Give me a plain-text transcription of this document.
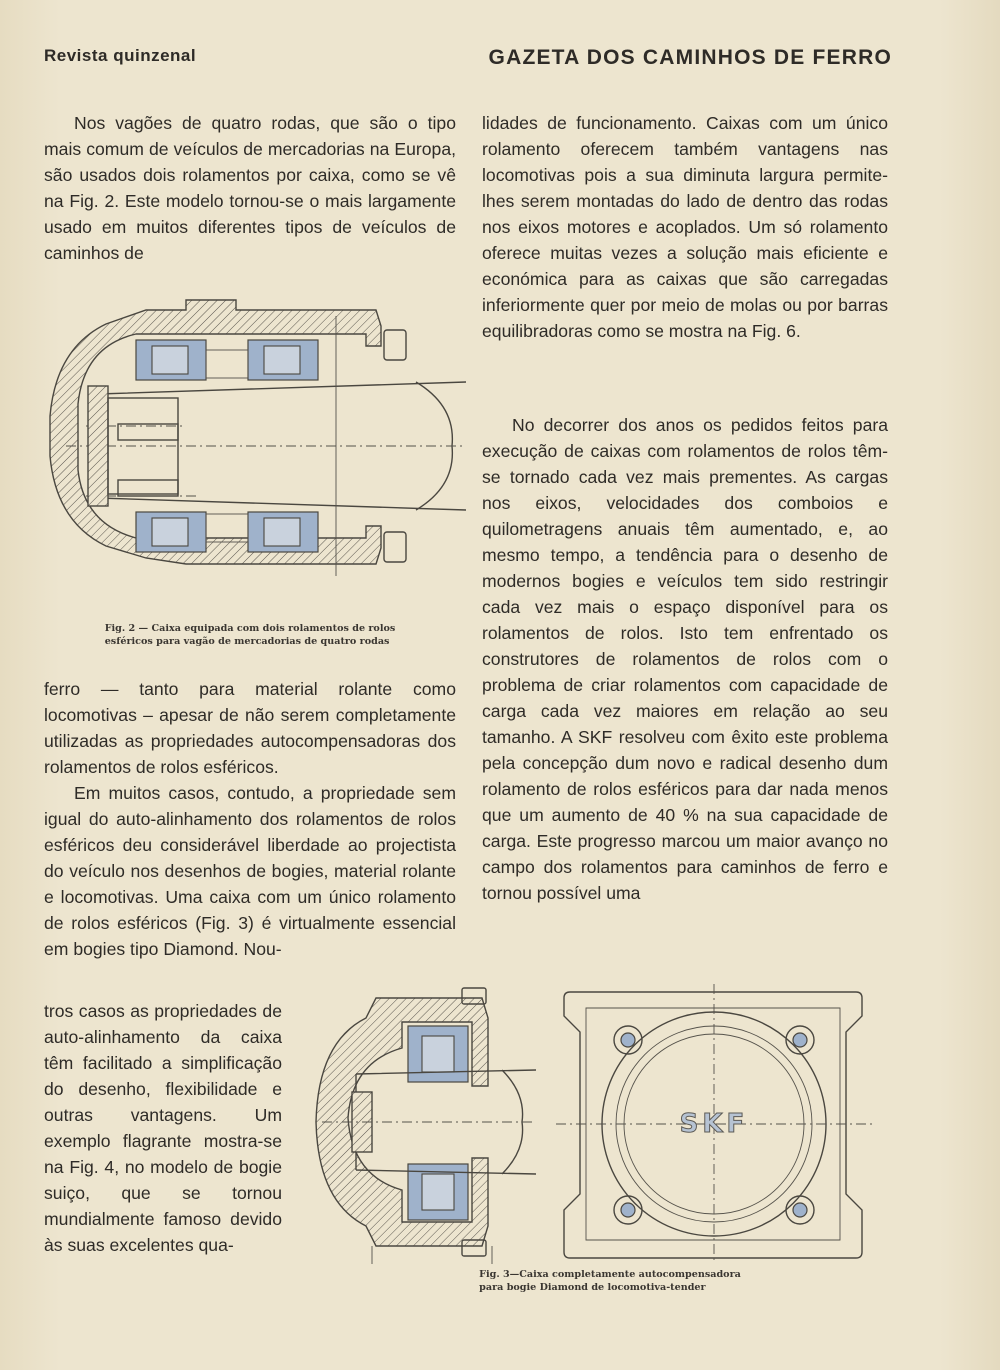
Revista quinzenal	GAZETA DOS CAMINHOS DE FERRO

Nos vagões de quatro rodas, que são o tipo mais comum de veículos de mercadorias na Europa, são usados dois rolamentos por caixa, como se vê na Fig. 2. Este modelo tornou-se o mais largamente usado em muitos diferentes tipos de veículos de caminhos de

lidades de funcionamento. Caixas com um único rolamento oferecem também vantagens nas locomotivas pois a sua diminuta largura permite-lhes serem montadas do lado de dentro das rodas nos eixos motores e acoplados. Um só rolamento oferece muitas vezes a solução mais eficiente e económica para as caixas que são carregadas inferiormente quer por meio de molas ou por barras equilibradoras como se mostra na Fig. 6.

ferro — tanto para material rolante como locomotivas – apesar de não serem completamente utilizadas as propriedades autocompensadoras dos rolamentos de rolos esféricos.

Em muitos casos, contudo, a propriedade sem igual do auto-alinhamento dos rolamentos de rolos esféricos deu considerável liberdade ao projectista do veículo nos desenhos de bogies, material rolante e locomotivas. Uma caixa com um único rolamento de rolos esféricos (Fig. 3) é virtualmente essencial em bogies tipo Diamond. Nou-

No decorrer dos anos os pedidos feitos para execução de caixas com rolamentos de rolos têm-se tornado cada vez mais prementes. As cargas nos eixos, velocidades dos comboios e quilometragens anuais têm aumentado, e, ao mesmo tempo, a tendência para o desenho de modernos bogies e veículos tem sido restringir cada vez mais o espaço disponível para os rolamentos de rolos. Isto tem enfrentado os construtores de rolamentos de rolos com o problema de criar rolamentos com capacidade de carga cada vez maiores em relação ao seu tamanho. A SKF resolveu com êxito este problema pela concepção dum novo e radical desenho dum rolamento de rolos esféricos para dar nada menos que um aumento de 40 % na sua capacidade de carga. Este progresso marcou um maior avanço no campo dos rolamentos para caminhos de ferro e tornou possível uma

tros casos as propriedades de auto-alinhamento da caixa têm facilitado a simplificação do desenho, flexibilidade e outras vantagens. Um exemplo flagrante mostra-se na Fig. 4, no modelo de bogie suiço, que se tornou mundialmente famoso devido às suas excelentes qua-

Fig. 2 — Caixa equipada com dois rolamentos de rolos
esféricos para vagão de mercadorias de quatro rodas
SKF
Fig. 3—Caixa completamente autocompensadora
para bogie Diamond de locomotiva-tender
